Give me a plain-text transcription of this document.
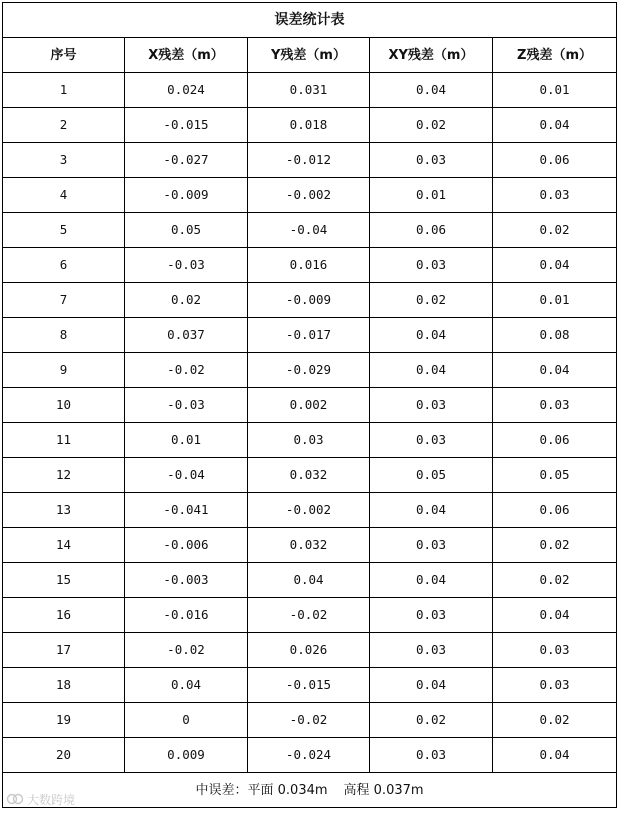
误差统计表				
序号	X残差（m）	Y残差（m）	XY残差（m）	Z残差（m）
1	0.024	0.031	0.04	0.01
2	-0.015	0.018	0.02	0.04
3	-0.027	-0.012	0.03	0.06
4	-0.009	-0.002	0.01	0.03
5	0.05	-0.04	0.06	0.02
6	-0.03	0.016	0.03	0.04
7	0.02	-0.009	0.02	0.01
8	0.037	-0.017	0.04	0.08
9	-0.02	-0.029	0.04	0.04
10	-0.03	0.002	0.03	0.03
11	0.01	0.03	0.03	0.06
12	-0.04	0.032	0.05	0.05
13	-0.041	-0.002	0.04	0.06
14	-0.006	0.032	0.03	0.02
15	-0.003	0.04	0.04	0.02
16	-0.016	-0.02	0.03	0.04
17	-0.02	0.026	0.03	0.03
18	0.04	-0.015	0.04	0.03
19	0	-0.02	0.02	0.02
20	0.009	-0.024	0.03	0.04
中误差：平面 0.034m 高程 0.037m				
大数跨境
